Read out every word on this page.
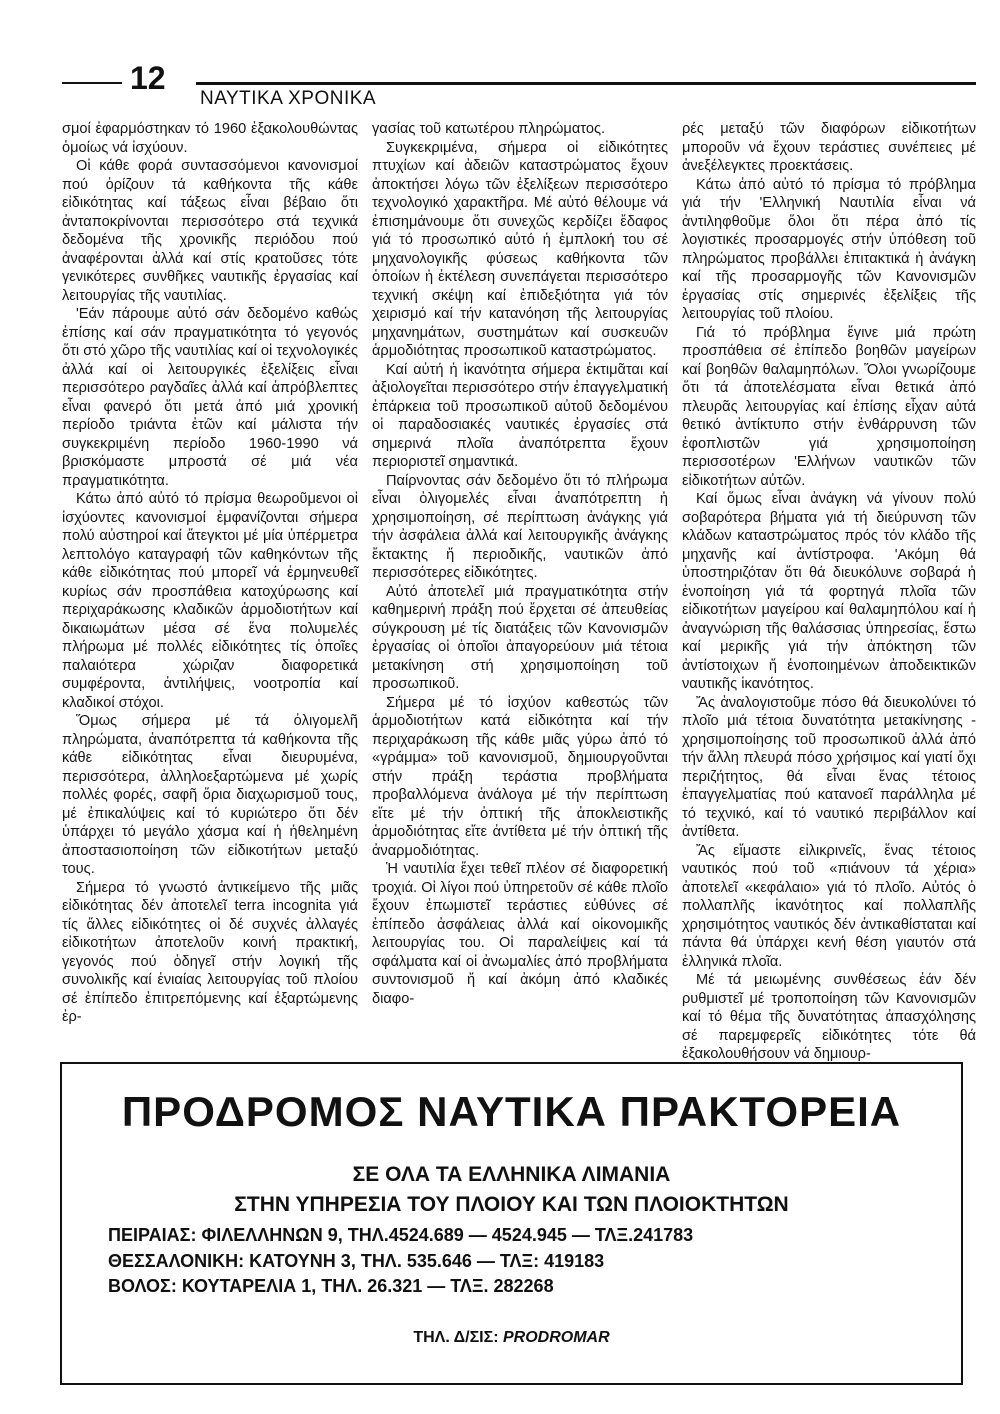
12
ΝΑΥΤΙΚΑ ΧΡΟΝΙΚΑ

σμοί ἐφαρμόστηκαν τό 1960 ἐξακολουθώντας ὁμοίως νά ἰσχύουν.

Οἱ κάθε φορά συντασσόμενοι κανονισμοί πού ὁρίζουν τά καθήκοντα τῆς κάθε εἰδικότητας καί τάξεως εἶναι βέβαιο ὅτι ἀνταποκρίνονται περισσότερο στά τεχνικά δεδομένα τῆς χρονικῆς περιόδου πού ἀναφέρονται ἀλλά καί στίς κρατοῦσες τότε γενικότερες συνθῆκες ναυτικῆς ἐργασίας καί λειτουργίας τῆς ναυτιλίας.

'Εάν πάρουμε αὐτό σάν δεδομένο καθώς ἐπίσης καί σάν πραγματικότητα τό γεγονός ὅτι στό χῶρο τῆς ναυτιλίας καί οἱ τεχνολογικές ἀλλά καί οἱ λειτουργικές ἐξελίξεις εἶναι περισσότερο ραγδαῖες ἀλλά καί ἀπρόβλεπτες εἶναι φανερό ὅτι μετά ἀπό μιά χρονική περίοδο τριάντα ἐτῶν καί μάλιστα τήν συγκεκριμένη περίοδο 1960-1990 νά βρισκόμαστε μπροστά σέ μιά νέα πραγματικότητα.

Κάτω ἀπό αὐτό τό πρίσμα θεωροῦμενοι οἱ ἰσχύοντες κανονισμοί ἐμφανίζονται σήμερα πολύ αὐστηροί καί ἄτεγκτοι μέ μία ὑπέρμετρα λεπτολόγο καταγραφή τῶν καθηκόντων τῆς κάθε εἰδικότητας πού μπορεῖ νά ἑρμηνευθεῖ κυρίως σάν προσπάθεια κατοχύρωσης καί περιχαράκωσης κλαδικῶν ἁρμοδιοτήτων καί δικαιωμάτων μέσα σέ ἕνα πολυμελές πλήρωμα μέ πολλές εἰδικότητες τίς ὁποῖες παλαιότερα χώριζαν διαφορετικά συμφέροντα, ἀντιλήψεις, νοοτροπία καί κλαδικοί στόχοι.

Ὅμως σήμερα μέ τά ὀλιγομελῆ πληρώματα, ἀναπότρεπτα τά καθήκοντα τῆς κάθε εἰδικότητας εἶναι διευρυμένα, περισσότερα, ἀλληλοεξαρτώμενα μέ χωρίς πολλές φορές, σαφῆ ὅρια διαχωρισμοῦ τους, μέ ἐπικαλύψεις καί τό κυριώτερο ὅτι δέν ὑπάρχει τό μεγάλο χάσμα καί ἡ ἠθελημένη ἀποστασιοποίηση τῶν εἰδικοτήτων μεταξύ τους.

Σήμερα τό γνωστό ἀντικείμενο τῆς μιᾶς εἰδικότητας δέν ἀποτελεῖ terra incognita γιά τίς ἄλλες εἰδικότητες οἱ δέ συχνές ἀλλαγές εἰδικοτήτων ἀποτελοῦν κοινή πρακτική, γεγονός πού ὁδηγεῖ στήν λογική τῆς συνολικῆς καί ἑνιαίας λειτουργίας τοῦ πλοίου σέ ἐπίπεδο ἐπιτρεπόμενης καί ἐξαρτώμενης ἐρ-

γασίας τοῦ κατωτέρου πληρώματος.

Συγκεκριμένα, σήμερα οἱ εἰδικότητες πτυχίων καί ἀδειῶν καταστρώματος ἔχουν ἀποκτήσει λόγω τῶν ἐξελίξεων περισσότερο τεχνολογικό χαρακτῆρα. Μέ αὐτό θέλουμε νά ἐπισημάνουμε ὅτι συνεχῶς κερδίζει ἔδαφος γιά τό προσωπικό αὐτό ἡ ἐμπλοκή του σέ μηχανολογικῆς φύσεως καθήκοντα τῶν ὁποίων ἡ ἐκτέλεση συνεπάγεται περισσότερο τεχνική σκέψη καί ἐπιδεξιότητα γιά τόν χειρισμό καί τήν κατανόηση τῆς λειτουργίας μηχανημάτων, συστημάτων καί συσκευῶν ἁρμοδιότητας προσωπικοῦ καταστρώματος.

Καί αὐτή ἡ ἱκανότητα σήμερα ἐκτιμᾶται καί ἀξιολογεῖται περισσότερο στήν ἐπαγγελματική ἐπάρκεια τοῦ προσωπικοῦ αὐτοῦ δεδομένου οἱ παραδοσιακές ναυτικές ἐργασίες στά σημερινά πλοῖα ἀναπότρεπτα ἔχουν περιοριστεῖ σημαντικά.

Παίρνοντας σάν δεδομένο ὅτι τό πλήρωμα εἶναι ὀλιγομελές εἶναι ἀναπότρεπτη ἡ χρησιμοποίηση, σέ περίπτωση ἀνάγκης γιά τήν ἀσφάλεια ἀλλά καί λειτουργικῆς ἀνάγκης ἔκτακτης ἤ περιοδικῆς, ναυτικῶν ἀπό περισσότερες εἰδικότητες.

Αὐτό ἀποτελεῖ μιά πραγματικότητα στήν καθημερινή πράξη πού ἔρχεται σέ ἀπευθείας σύγκρουση μέ τίς διατάξεις τῶν Κανονισμῶν ἐργασίας οἱ ὁποῖοι ἀπαγορεύουν μιά τέτοια μετακίνηση στή χρησιμοποίηση τοῦ προσωπικοῦ.

Σήμερα μέ τό ἰσχύον καθεστώς τῶν ἁρμοδιοτήτων κατά εἰδικότητα καί τήν περιχαράκωση τῆς κάθε μιᾶς γύρω ἀπό τό «γράμμα» τοῦ κανονισμοῦ, δημιουργοῦνται στήν πράξη τεράστια προβλήματα προβαλλόμενα ἀνάλογα μέ τήν περίπτωση εἴτε μέ τήν ὀπτική τῆς ἀποκλειστικῆς ἁρμοδιότητας εἴτε ἀντίθετα μέ τήν ὀπτική τῆς ἀναρμοδιότητας.

Ἡ ναυτιλία ἔχει τεθεῖ πλέον σέ διαφορετική τροχιά. Οἱ λίγοι πού ὑπηρετοῦν σέ κάθε πλοῖο ἔχουν ἐπωμιστεῖ τεράστιες εὐθύνες σέ ἐπίπεδο ἀσφάλειας ἀλλά καί οἰκονομικῆς λειτουργίας του. Οἱ παραλείψεις καί τά σφάλματα καί οἱ ἀνωμαλίες ἀπό προβλήματα συντονισμοῦ ἤ καί ἀκόμη ἀπό κλαδικές διαφο-

ρές μεταξύ τῶν διαφόρων εἰδικοτήτων μποροῦν νά ἔχουν τεράστιες συνέπειες μέ ἀνεξέλεγκτες προεκτάσεις.

Κάτω ἀπό αὐτό τό πρίσμα τό πρόβλημα γιά τήν 'Ελληνική Ναυτιλία εἶναι νά ἀντιληφθοῦμε ὅλοι ὅτι πέρα ἀπό τίς λογιστικές προσαρμογές στήν ὑπόθεση τοῦ πληρώματος προβάλλει ἐπιτακτικά ἡ ἀνάγκη καί τῆς προσαρμογῆς τῶν Κανονισμῶν ἐργασίας στίς σημερινές ἐξελίξεις τῆς λειτουργίας τοῦ πλοίου.

Γιά τό πρόβλημα ἔγινε μιά πρώτη προσπάθεια σέ ἐπίπεδο βοηθῶν μαγείρων καί βοηθῶν θαλαμηπόλων. Ὅλοι γνωρίζουμε ὅτι τά ἀποτελέσματα εἶναι θετικά ἀπό πλευρᾶς λειτουργίας καί ἐπίσης εἶχαν αὐτά θετικό ἀντίκτυπο στήν ἐνθάρρυνση τῶν ἐφοπλιστῶν γιά χρησιμοποίηση περισσοτέρων 'Ελλήνων ναυτικῶν τῶν εἰδικοτήτων αὐτῶν.

Καί ὅμως εἶναι ἀνάγκη νά γίνουν πολύ σοβαρότερα βήματα γιά τή διεύρυνση τῶν κλάδων καταστρώματος πρός τόν κλάδο τῆς μηχανῆς καί ἀντίστροφα. 'Ακόμη θά ὑποστηριζόταν ὅτι θά διευκόλυνε σοβαρά ἡ ἑνοποίηση γιά τά φορτηγά πλοῖα τῶν εἰδικοτήτων μαγείρου καί θαλαμηπόλου καί ἡ ἀναγνώριση τῆς θαλάσσιας ὑπηρεσίας, ἔστω καί μερικῆς γιά τήν ἀπόκτηση τῶν ἀντίστοιχων ἤ ἑνοποιημένων ἀποδεικτικῶν ναυτικῆς ἱκανότητος.

Ἄς ἀναλογιστοῦμε πόσο θά διευκολύνει τό πλοῖο μιά τέτοια δυνατότητα μετακίνησης - χρησιμοποίησης τοῦ προσωπικοῦ ἀλλά ἀπό τήν ἄλλη πλευρά πόσο χρήσιμος καί γιατί ὄχι περιζήτητος, θά εἶναι ἕνας τέτοιος ἐπαγγελματίας πού κατανοεῖ παράλληλα μέ τό τεχνικό, καί τό ναυτικό περιβάλλον καί ἀντίθετα.

Ἄς εἴμαστε εἰλικρινεῖς, ἕνας τέτοιος ναυτικός πού τοῦ «πιάνουν τά χέρια» ἀποτελεῖ «κεφάλαιο» γιά τό πλοῖο. Αὐτός ὁ πολλαπλῆς ἱκανότητος καί πολλαπλῆς χρησιμότητος ναυτικός δέν ἀντικαθίσταται καί πάντα θά ὑπάρχει κενή θέση γιαυτόν στά ἑλληνικά πλοῖα.

Μέ τά μειωμένης συνθέσεως ἐάν δέν ρυθμιστεῖ μέ τροποποίηση τῶν Κανονισμῶν καί τό θέμα τῆς δυνατότητας ἀπασχόλησης σέ παρεμφερεῖς εἰδικότητες τότε θά ἐξακολουθήσουν νά δημιουρ-

ΠΡΟΔΡΟΜΟΣ ΝΑΥΤΙΚΑ ΠΡΑΚΤΟΡΕΙΑ
ΣΕ ΟΛΑ ΤΑ ΕΛΛΗΝΙΚΑ ΛΙΜΑΝΙΑ
ΣΤΗΝ ΥΠΗΡΕΣΙΑ ΤΟΥ ΠΛΟΙΟΥ ΚΑΙ ΤΩΝ ΠΛΟΙΟΚΤΗΤΩΝ
ΠΕΙΡΑΙΑΣ: ΦΙΛΕΛΛΗΝΩΝ 9, ΤΗΛ.4524.689 — 4524.945 — ΤΛΞ.241783
ΘΕΣΣΑΛΟΝΙΚΗ: ΚΑΤΟΥΝΗ 3, ΤΗΛ. 535.646 — ΤΛΞ: 419183
ΒΟΛΟΣ: ΚΟΥΤΑΡΕΛΙΑ 1, ΤΗΛ. 26.321 — ΤΛΞ. 282268
ΤΗΛ. Δ/ΣΙΣ: PRODROMAR
